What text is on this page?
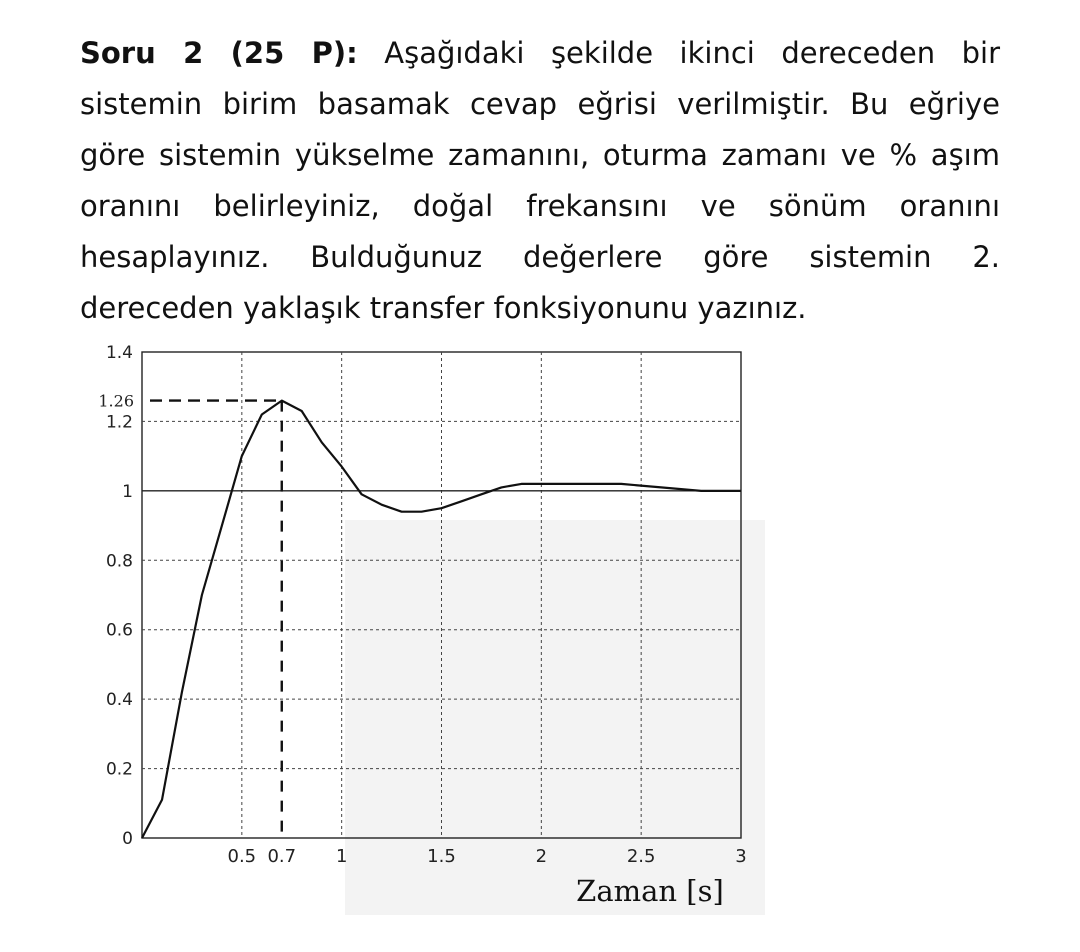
Soru 2 (25 P): Aşağıdaki şekilde ikinci dereceden bir
sistemin birim basamak cevap eğrisi verilmiştir. Bu eğriye
göre sistemin yükselme zamanını, oturma zamanı ve % aşım
oranını belirleyiniz, doğal frekansını ve sönüm oranını
hesaplayınız. Bulduğunuz değerlere göre sistemin 2.
dereceden yaklaşık transfer fonksiyonunu yazınız.
0
0.2
0.4
0.6
0.8
1
1.2
1.4
0.5	1	1.5	2	2.5	3
1.26
0.7
Zaman [s]
